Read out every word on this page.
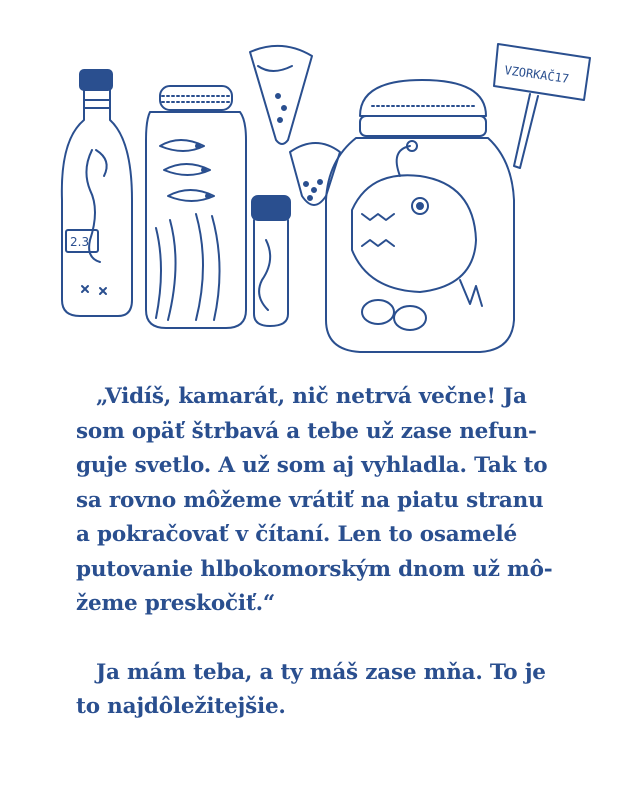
2.3
VZORKAČ17
„Vidíš, kamarát, nič netrvá večne! Ja
som opäť štrbavá a tebe už zase nefun-
guje svetlo. A už som aj vyhladla. Tak to
sa rovno môžeme vrátiť na piatu stranu
a pokračovať v čítaní. Len to osamelé
putovanie hlbokomorským dnom už mô-
žeme preskočiť.“
Ja mám teba, a ty máš zase mňa. To je
to najdôležitejšie.
